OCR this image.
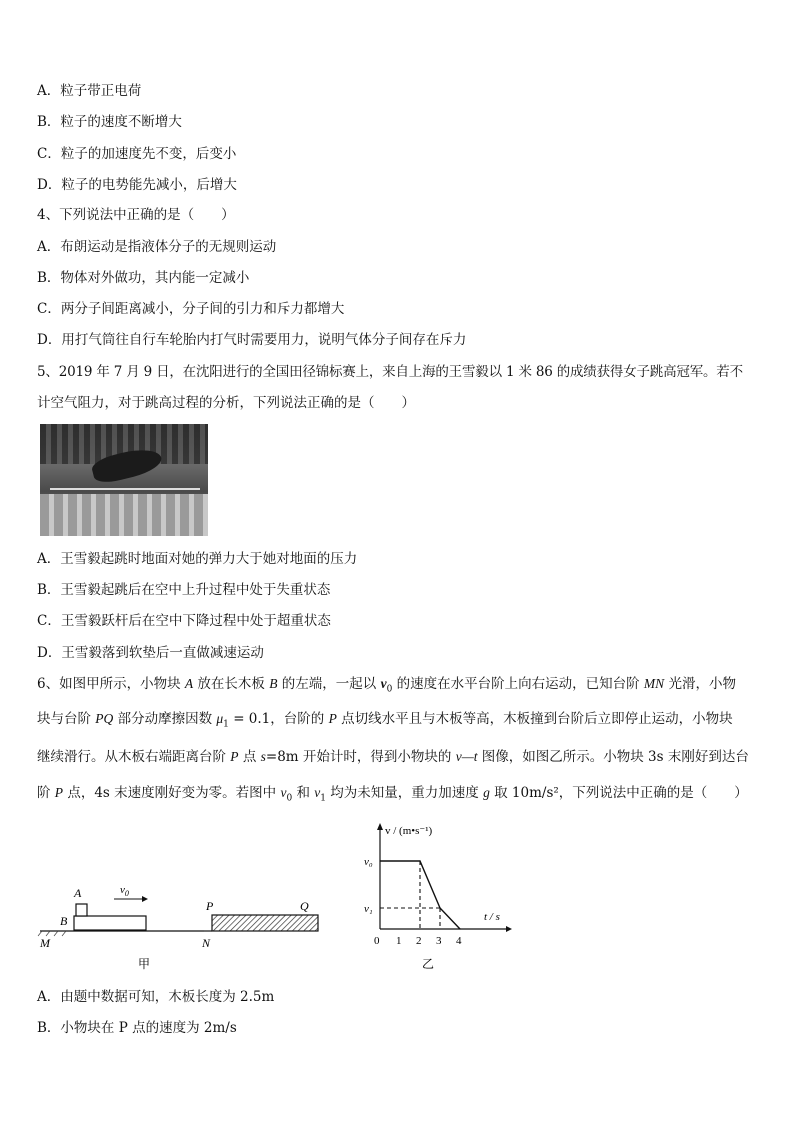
A．粒子带正电荷
B．粒子的速度不断增大
C．粒子的加速度先不变，后变小
D．粒子的电势能先减小，后增大
4、下列说法中正确的是（　　）
A．布朗运动是指液体分子的无规则运动
B．物体对外做功，其内能一定减小
C．两分子间距离减小，分子间的引力和斥力都增大
D．用打气筒往自行车轮胎内打气时需要用力，说明气体分子间存在斥力
5、2019 年 7 月 9 日，在沈阳进行的全国田径锦标赛上，来自上海的王雪毅以 1 米 86 的成绩获得女子跳高冠军。若不
计空气阻力，对于跳高过程的分析，下列说法正确的是（　　）
A．王雪毅起跳时地面对她的弹力大于她对地面的压力
B．王雪毅起跳后在空中上升过程中处于失重状态
C．王雪毅跃杆后在空中下降过程中处于超重状态
D．王雪毅落到软垫后一直做减速运动
6、如图甲所示，小物块 A 放在长木板 B 的左端，一起以 $v_0$ 的速度在水平台阶上向右运动，已知台阶 MN 光滑，小物
块与台阶 PQ 部分动摩擦因数 $\mu_1 = 0.1$，台阶的 P 点切线水平且与木板等高，木板撞到台阶后立即停止运动，小物块
继续滑行。从木板右端距离台阶 P 点 s=8m 开始计时，得到小物块的 v—t 图像，如图乙所示。小物块 3s 末刚好到达台
阶 P 点，4s 末速度刚好变为零。若图中 $v_0$ 和 $v_1$ 均为未知量，重力加速度 g 取 10m/s²，下列说法中正确的是（　　）
A
B
M	N
P	Q
$v_0$
甲
v / (m•s⁻¹)
t / s
0 1 2 3 4
v₀
v₁
乙
A．由题中数据可知，木板长度为 2.5m
B．小物块在 P 点的速度为 2m/s
